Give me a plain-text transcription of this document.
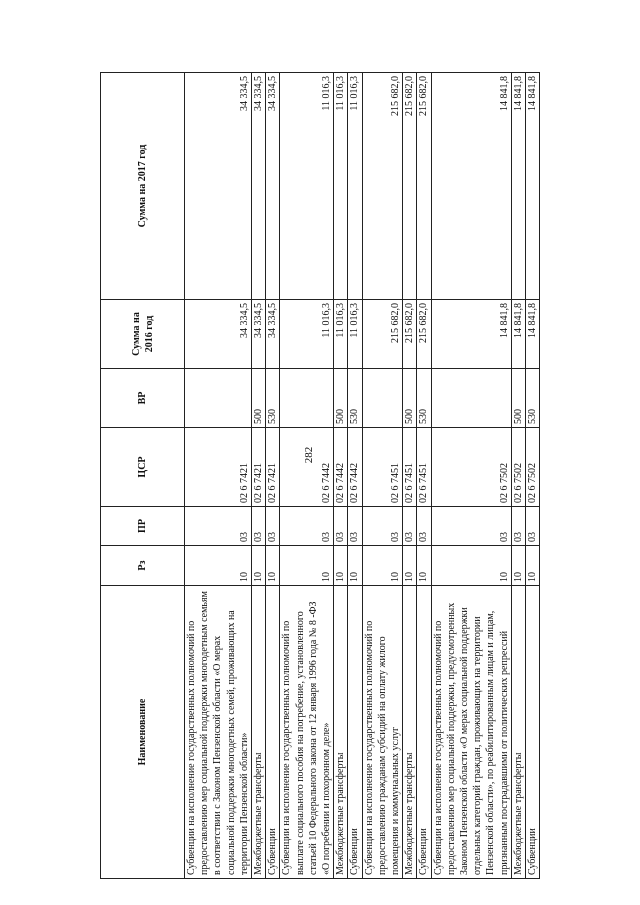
282
Наименование	Рз	ПР	ЦСР	ВР	Сумма на 2016 год	Сумма на 2017 год
Субвенции на исполнение государственных полномочий по предоставлению мер социальной поддержки многодетным семьям в соответствии с Законом Пензенской области «О мерах социальной поддержки многодетных семей, проживающих на территории Пензенской области»	10	03	02 6 7421		34 334,5	34 334,5
Межбюджетные трансферты	10	03	02 6 7421	500	34 334,5	34 334,5
Субвенции	10	03	02 6 7421	530	34 334,5	34 334,5
Субвенции на исполнение государственных полномочий по выплате социального пособия на погребение, установленного статьей 10 Федерального закона от 12 января 1996 года № 8 -ФЗ «О погребении и похоронном деле»	10	03	02 6 7442		11 016,3	11 016,3
Межбюджетные трансферты	10	03	02 6 7442	500	11 016,3	11 016,3
Субвенции	10	03	02 6 7442	530	11 016,3	11 016,3
Субвенции на исполнение государственных полномочий по предоставлению гражданам субсидий на оплату жилого помещения и коммунальных услуг	10	03	02 6 7451		215 682,0	215 682,0
Межбюджетные трансферты	10	03	02 6 7451	500	215 682,0	215 682,0
Субвенции	10	03	02 6 7451	530	215 682,0	215 682,0
Субвенции на исполнение государственных полномочий по предоставлению мер социальной поддержки, предусмотренных Законом Пензенской области «О мерах социальной поддержки отдельных категорий граждан, проживающих на территории Пензенской области», по реабилитированным лицам и лицам, признанным пострадавшими от политических репрессий	10	03	02 6 7502		14 841,8	14 841,8
Межбюджетные трансферты	10	03	02 6 7502	500	14 841,8	14 841,8
Субвенции	10	03	02 6 7502	530	14 841,8	14 841,8
